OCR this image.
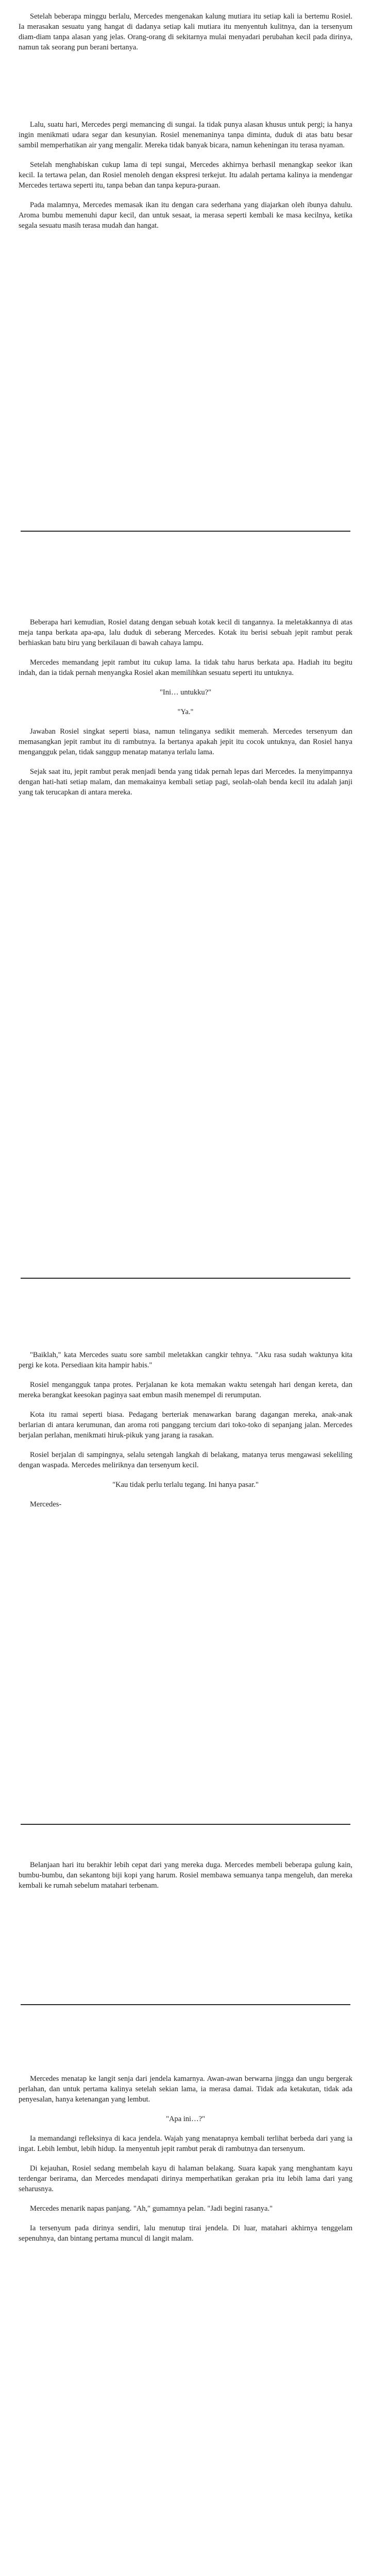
Setelah beberapa minggu berlalu, Mercedes mengenakan kalung mutiara itu setiap kali ia bertemu Rosiel. Ia merasakan sesuatu yang hangat di dadanya setiap kali mutiara itu menyentuh kulitnya, dan ia tersenyum diam-diam tanpa alasan yang jelas. Orang-orang di sekitarnya mulai menyadari perubahan kecil pada dirinya, namun tak seorang pun berani bertanya.

Lalu, suatu hari, Mercedes pergi memancing di sungai. Ia tidak punya alasan khusus untuk pergi; ia hanya ingin menikmati udara segar dan kesunyian. Rosiel menemaninya tanpa diminta, duduk di atas batu besar sambil memperhatikan air yang mengalir. Mereka tidak banyak bicara, namun keheningan itu terasa nyaman.

Setelah menghabiskan cukup lama di tepi sungai, Mercedes akhirnya berhasil menangkap seekor ikan kecil. Ia tertawa pelan, dan Rosiel menoleh dengan ekspresi terkejut. Itu adalah pertama kalinya ia mendengar Mercedes tertawa seperti itu, tanpa beban dan tanpa kepura-puraan.

Pada malamnya, Mercedes memasak ikan itu dengan cara sederhana yang diajarkan oleh ibunya dahulu. Aroma bumbu memenuhi dapur kecil, dan untuk sesaat, ia merasa seperti kembali ke masa kecilnya, ketika segala sesuatu masih terasa mudah dan hangat.

Beberapa hari kemudian, Rosiel datang dengan sebuah kotak kecil di tangannya. Ia meletakkannya di atas meja tanpa berkata apa-apa, lalu duduk di seberang Mercedes. Kotak itu berisi sebuah jepit rambut perak berhiaskan batu biru yang berkilauan di bawah cahaya lampu.

Mercedes memandang jepit rambut itu cukup lama. Ia tidak tahu harus berkata apa. Hadiah itu begitu indah, dan ia tidak pernah menyangka Rosiel akan memilihkan sesuatu seperti itu untuknya.

"Ini… untukku?"

"Ya."

Jawaban Rosiel singkat seperti biasa, namun telinganya sedikit memerah. Mercedes tersenyum dan memasangkan jepit rambut itu di rambutnya. Ia bertanya apakah jepit itu cocok untuknya, dan Rosiel hanya mengangguk pelan, tidak sanggup menatap matanya terlalu lama.

Sejak saat itu, jepit rambut perak menjadi benda yang tidak pernah lepas dari Mercedes. Ia menyimpannya dengan hati-hati setiap malam, dan memakainya kembali setiap pagi, seolah-olah benda kecil itu adalah janji yang tak terucapkan di antara mereka.

"Baiklah," kata Mercedes suatu sore sambil meletakkan cangkir tehnya. "Aku rasa sudah waktunya kita pergi ke kota. Persediaan kita hampir habis."

Rosiel mengangguk tanpa protes. Perjalanan ke kota memakan waktu setengah hari dengan kereta, dan mereka berangkat keesokan paginya saat embun masih menempel di rerumputan.

Kota itu ramai seperti biasa. Pedagang berteriak menawarkan barang dagangan mereka, anak-anak berlarian di antara kerumunan, dan aroma roti panggang tercium dari toko-toko di sepanjang jalan. Mercedes berjalan perlahan, menikmati hiruk-pikuk yang jarang ia rasakan.

Rosiel berjalan di sampingnya, selalu setengah langkah di belakang, matanya terus mengawasi sekeliling dengan waspada. Mercedes meliriknya dan tersenyum kecil.

"Kau tidak perlu terlalu tegang. Ini hanya pasar."

Mercedes-

Belanjaan hari itu berakhir lebih cepat dari yang mereka duga. Mercedes membeli beberapa gulung kain, bumbu-bumbu, dan sekantong biji kopi yang harum. Rosiel membawa semuanya tanpa mengeluh, dan mereka kembali ke rumah sebelum matahari terbenam.

Mercedes menatap ke langit senja dari jendela kamarnya. Awan-awan berwarna jingga dan ungu bergerak perlahan, dan untuk pertama kalinya setelah sekian lama, ia merasa damai. Tidak ada ketakutan, tidak ada penyesalan, hanya ketenangan yang lembut.

"Apa ini…?"

Ia memandangi refleksinya di kaca jendela. Wajah yang menatapnya kembali terlihat berbeda dari yang ia ingat. Lebih lembut, lebih hidup. Ia menyentuh jepit rambut perak di rambutnya dan tersenyum.

Di kejauhan, Rosiel sedang membelah kayu di halaman belakang. Suara kapak yang menghantam kayu terdengar berirama, dan Mercedes mendapati dirinya memperhatikan gerakan pria itu lebih lama dari yang seharusnya.

Mercedes menarik napas panjang. "Ah," gumamnya pelan. "Jadi begini rasanya."

Ia tersenyum pada dirinya sendiri, lalu menutup tirai jendela. Di luar, matahari akhirnya tenggelam sepenuhnya, dan bintang pertama muncul di langit malam.
